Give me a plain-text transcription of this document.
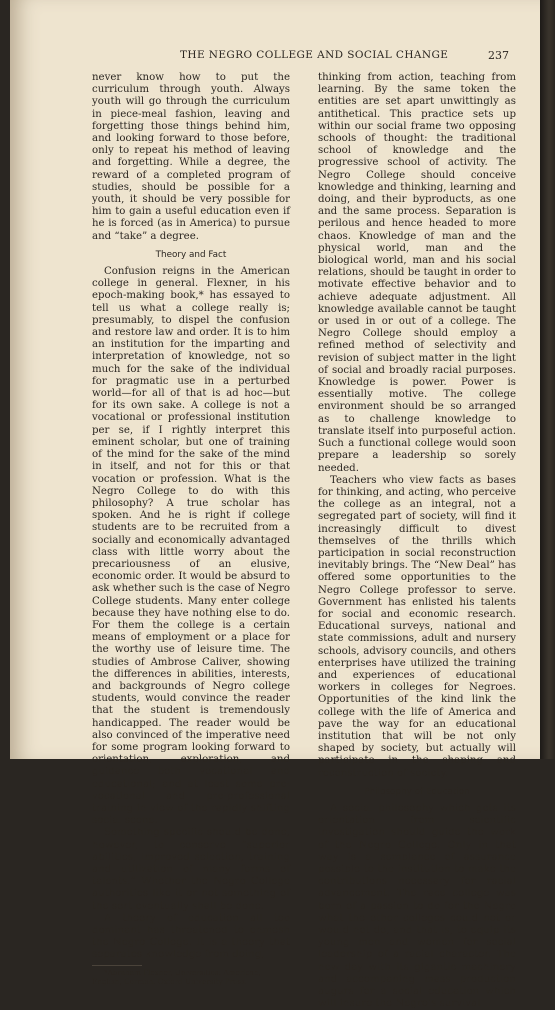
THE NEGRO COLLEGE AND SOCIAL CHANGE	237

never know how to put the curriculum through youth. Always youth will go through the curriculum in piece-meal fashion, leaving and forgetting those things behind him, and looking forward to those before, only to repeat his method of leaving and forgetting. While a degree, the reward of a completed program of studies, should be possible for a youth, it should be very possible for him to gain a useful education even if he is forced (as in America) to pursue and “take” a degree.

Theory and Fact

Confusion reigns in the American college in general. Flexner, in his epoch-making book,* has essayed to tell us what a college really is; presumably, to dispel the confusion and restore law and order. It is to him an institution for the imparting and interpretation of knowledge, not so much for the sake of the individual for pragmatic use in a perturbed world—for all of that is ad hoc—but for its own sake. A college is not a vocational or professional institution per se, if I rightly interpret this eminent scholar, but one of training of the mind for the sake of the mind in itself, and not for this or that vocation or profession. What is the Negro College to do with this philosophy? A true scholar has spoken. And he is right if college students are to be recruited from a socially and economically advantaged class with little worry about the precariousness of an elusive, economic order. It would be absurd to ask whether such is the case of Negro College students. Many enter college because they have nothing else to do. For them the college is a certain means of employment or a place for the worthy use of leisure time. The studies of Ambrose Caliver, showing the differences in abilities, interests, and backgrounds of Negro college students, would convince the reader that the student is tremendously handicapped. The reader would be also convinced of the imperative need for some program looking forward to orientation, exploration, and guidance both vocational and educational; and at least some pre-vocational and pre-professional training in view of the rapidly shifting social scene.

Something specific should be done, however, to conserve “superior abilities, improved selection, training and utilization of many forms of talents.” Whether the Negro College authorities like it or not something of the sort eventually shall be done.

A theory of education all too dominant has threatened to enmesh the Negro College. It is a theory that separates knowledge from doing,

*Abraham Flexner, Universities: American, English, German. Oxford University Press.

thinking from action, teaching from learning. By the same token the entities are set apart unwittingly as antithetical. This practice sets up within our social frame two opposing schools of thought: the traditional school of knowledge and the progressive school of activity. The Negro College should conceive knowledge and thinking, learning and doing, and their byproducts, as one and the same process. Separation is perilous and hence headed to more chaos. Knowledge of man and the physical world, man and the biological world, man and his social relations, should be taught in order to motivate effective behavior and to achieve adequate adjustment. All knowledge available cannot be taught or used in or out of a college. The Negro College should employ a refined method of selectivity and revision of subject matter in the light of social and broadly racial purposes. Knowledge is power. Power is essentially motive. The college environment should be so arranged as to challenge knowledge to translate itself into purposeful action. Such a functional college would soon prepare a leadership so sorely needed.

Teachers who view facts as bases for thinking, and acting, who perceive the college as an integral, not a segregated part of society, will find it increasingly difficult to divest themselves of the thrills which participation in social reconstruction inevitably brings. The “New Deal” has offered some opportunities to the Negro College professor to serve. Government has enlisted his talents for social and economic research. Educational surveys, national and state commissions, adult and nursery schools, advisory councils, and others enterprises have utilized the training and experiences of educational workers in colleges for Negroes. Opportunities of the kind link the college with the life of America and pave the way for an educational institution that will be not only shaped by society, but actually will participate in the shaping and reconstruction of society.

Philosophy of Education

A social philosophy which gets its orientation from scientific investigation should guide the work of the Negro College. Only in that way is a semblance of assurance possible to the institution to make the contributions necessary for racial advancement. The race college was born of a passion to do for the Negro what the other colleges could not or would not do, and that is, to equip its young men and women for social leadership of a racial character. The new day with its gigantic machinery and accompaning mass production augurs for a social education which will insure the Negro’s survival
